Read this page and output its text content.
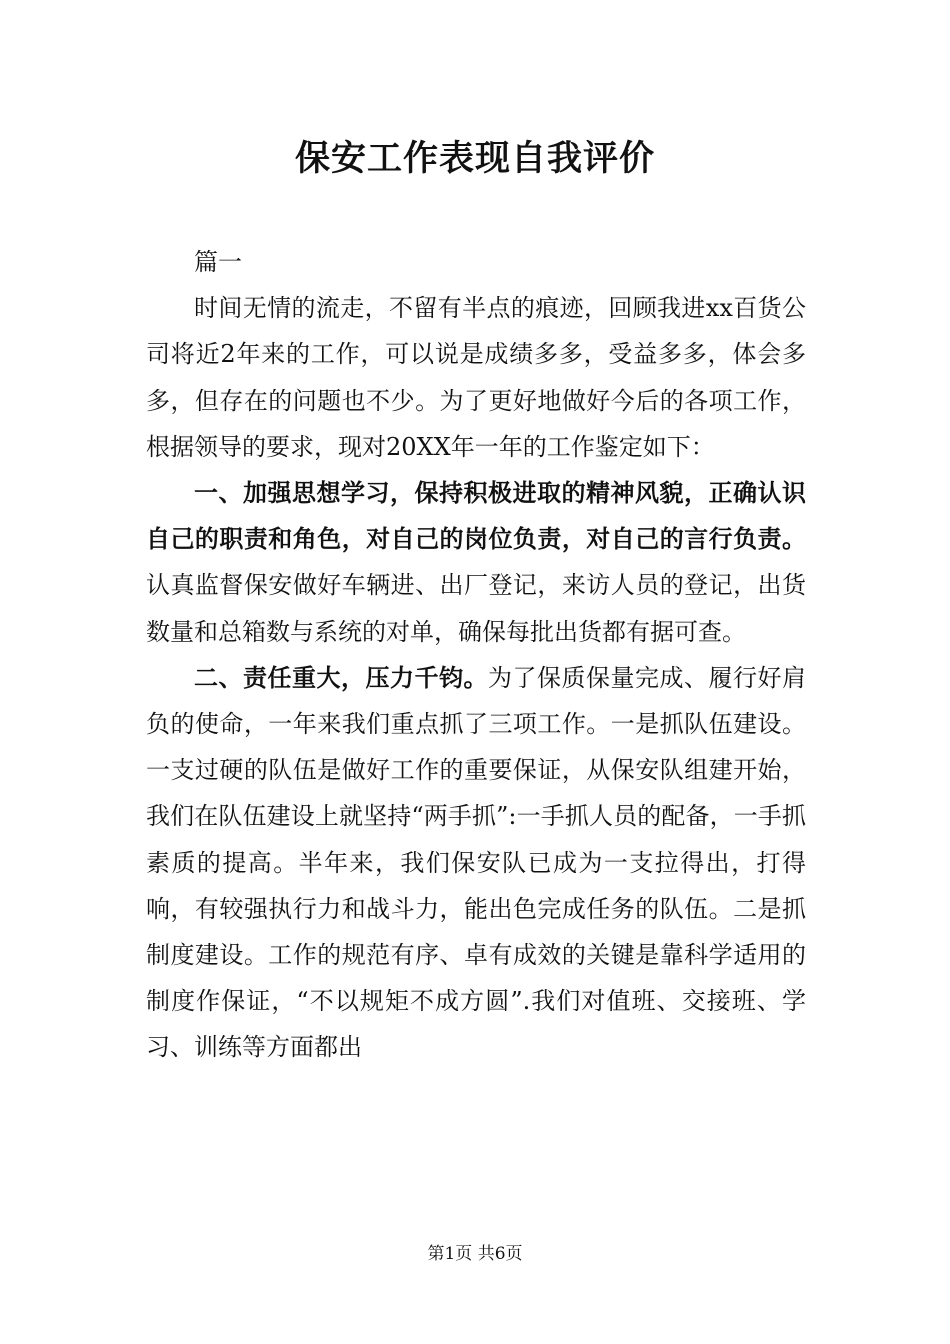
保安工作表现自我评价

篇一

时间无情的流走，不留有半点的痕迹，回顾我进xx百货公司将近2年来的工作，可以说是成绩多多，受益多多，体会多多，但存在的问题也不少。为了更好地做好今后的各项工作，根据领导的要求，现对20XX年一年的工作鉴定如下：

一、加强思想学习，保持积极进取的精神风貌，正确认识自己的职责和角色，对自己的岗位负责，对自己的言行负责。认真监督保安做好车辆进、出厂登记，来访人员的登记，出货数量和总箱数与系统的对单，确保每批出货都有据可查。

二、责任重大，压力千钧。为了保质保量完成、履行好肩负的使命，一年来我们重点抓了三项工作。一是抓队伍建设。一支过硬的队伍是做好工作的重要保证，从保安队组建开始，我们在队伍建设上就坚持“两手抓”:一手抓人员的配备，一手抓素质的提高。半年来，我们保安队已成为一支拉得出，打得响，有较强执行力和战斗力，能出色完成任务的队伍。二是抓制度建设。工作的规范有序、卓有成效的关键是靠科学适用的制度作保证，“不以规矩不成方圆”.我们对值班、交接班、学习、训练等方面都出

第1页 共6页
